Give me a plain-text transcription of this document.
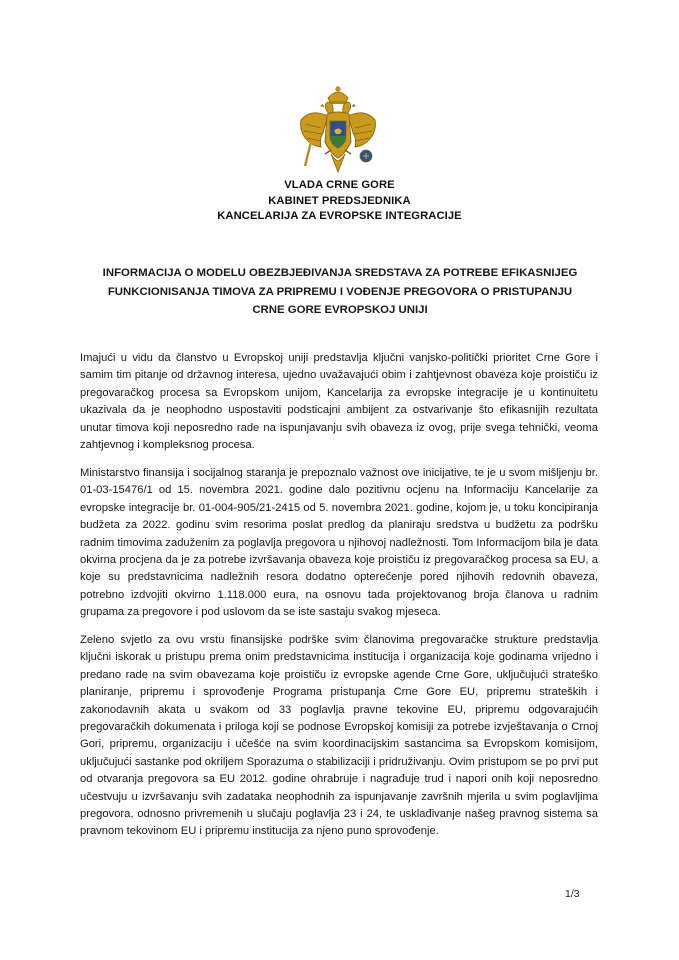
VLADA CRNE GORE
KABINET PREDSJEDNIKA
KANCELARIJA ZA EVROPSKE INTEGRACIJE
INFORMACIJA O MODELU OBEZBJEĐIVANJA SREDSTAVA ZA POTREBE EFIKASNIJEG FUNKCIONISANJA TIMOVA ZA PRIPREMU I VOĐENJE PREGOVORA O PRISTUPANJU CRNE GORE EVROPSKOJ UNIJI

Imajući u vidu da članstvo u Evropskoj uniji predstavlja ključni vanjsko-politički prioritet Crne Gore i samim tim pitanje od državnog interesa, ujedno uvažavajući obim i zahtjevnost obaveza koje proističu iz pregovaračkog procesa sa Evropskom unijom, Kancelarija za evropske integracije je u kontinuitetu ukazivala da je neophodno uspostaviti podsticajni ambijent za ostvarivanje što efikasnijih rezultata unutar timova koji neposredno rade na ispunjavanju svih obaveza iz ovog, prije svega tehnički, veoma zahtjevnog i kompleksnog procesa.

Ministarstvo finansija i socijalnog staranja je prepoznalo važnost ove inicijative, te je u svom mišljenju br. 01-03-15476/1 od 15. novembra 2021. godine dalo pozitivnu ocjenu na Informaciju Kancelarije za evropske integracije br. 01-004-905/21-2415 od 5. novembra 2021. godine, kojom je, u toku koncipiranja budžeta za 2022. godinu svim resorima poslat predlog da planiraju sredstva u budžetu za podršku radnim timovima zaduženim za poglavlja pregovora u njihovoj nadležnosti. Tom Informacijom bila je data okvirna procjena da je za potrebe izvršavanja obaveza koje proističu iz pregovaračkog procesa sa EU, a koje su predstavnicima nadležnih resora dodatno opterećenje pored njihovih redovnih obaveza, potrebno izdvojiti okvirno 1.118.000 eura, na osnovu tada projektovanog broja članova u radnim grupama za pregovore i pod uslovom da se iste sastaju svakog mjeseca.

Zeleno svjetlo za ovu vrstu finansijske podrške svim članovima pregovaračke strukture predstavlja ključni iskorak u pristupu prema onim predstavnicima institucija i organizacija koje godinama vrijedno i predano rade na svim obavezama koje proističu iz evropske agende Crne Gore, uključujući strateško planiranje, pripremu i sprovođenje Programa pristupanja Crne Gore EU, pripremu strateških i zakonodavnih akata u svakom od 33 poglavlja pravne tekovine EU, pripremu odgovarajućih pregovaračkih dokumenata i priloga koji se podnose Evropskoj komisiji za potrebe izvještavanja o Crnoj Gori, pripremu, organizaciju i učešće na svim koordinacijskim sastancima sa Evropskom komisijom, uključujući sastanke pod okriljem Sporazuma o stabilizaciji i pridruživanju. Ovim pristupom se po prvi put od otvaranja pregovora sa EU 2012. godine ohrabruje i nagrađuje trud i napori onih koji neposredno učestvuju u izvršavanju svih zadataka neophodnih za ispunjavanje završnih mjerila u svim poglavljima pregovora, odnosno privremenih u slučaju poglavlja 23 i 24, te usklađivanje našeg pravnog sistema sa pravnom tekovinom EU i pripremu institucija za njeno puno sprovođenje.

1/3
